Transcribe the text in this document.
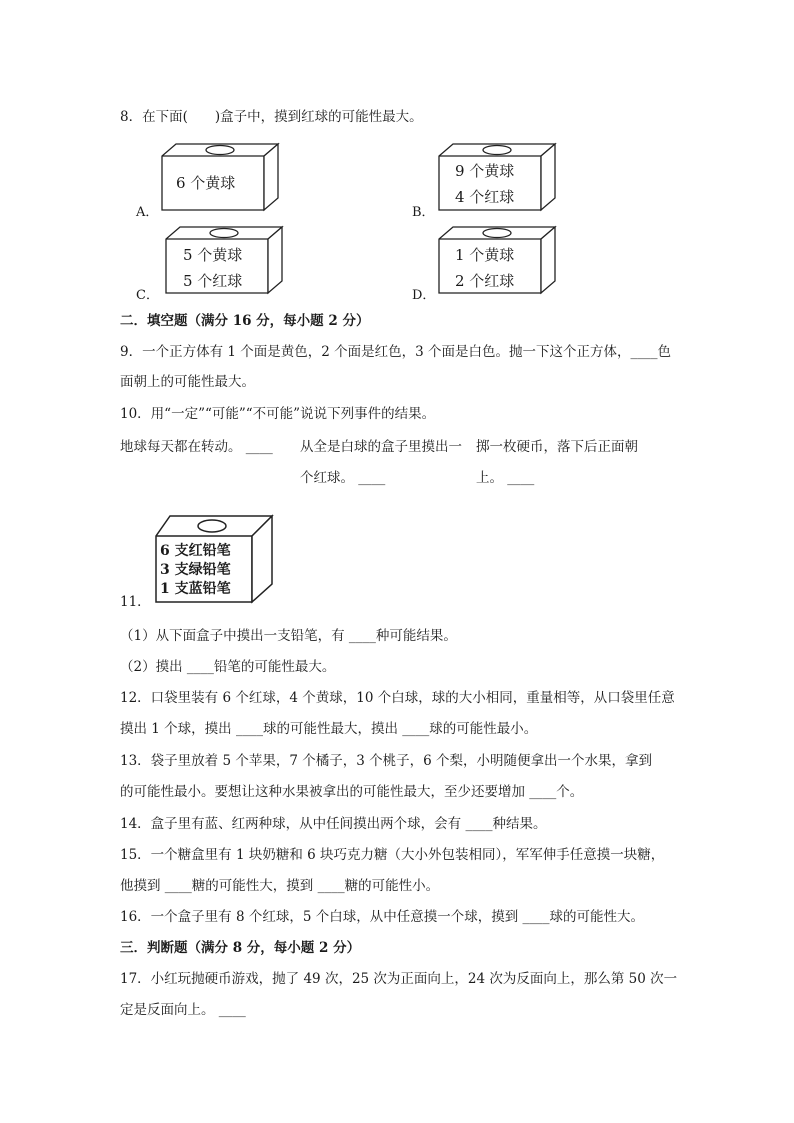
8．在下面(　　)盒子中，摸到红球的可能性最大。
A．
6 个黄球
B．
9 个黄球
4 个红球
C．
5 个黄球
5 个红球
D．
1 个黄球
2 个红球
二．填空题（满分 16 分，每小题 2 分）
9．一个正方体有 1 个面是黄色，2 个面是红色，3 个面是白色。抛一下这个正方体，____色
面朝上的可能性最大。
10．用“一定”“可能”“不可能”说说下列事件的结果。
地球每天都在转动。 ____ 从全是白球的盒子里摸出一
个红球。 ____
掷一枚硬币，落下后正面朝
上。 ____
11．
6 支红铅笔
3 支绿铅笔
1 支蓝铅笔
（1）从下面盒子中摸出一支铅笔，有 ____种可能结果。
（2）摸出 ____铅笔的可能性最大。
12．口袋里装有 6 个红球，4 个黄球，10 个白球，球的大小相同，重量相等，从口袋里任意
摸出 1 个球，摸出 ____球的可能性最大，摸出 ____球的可能性最小。
13．袋子里放着 5 个苹果，7 个橘子，3 个桃子，6 个梨，小明随便拿出一个水果，拿到
的可能性最小。要想让这种水果被拿出的可能性最大，至少还要增加 ____个。
14．盒子里有蓝、红两种球，从中任间摸出两个球，会有 ____种结果。
15．一个糖盒里有 1 块奶糖和 6 块巧克力糖（大小外包装相同），军军伸手任意摸一块糖，
他摸到 ____糖的可能性大，摸到 ____糖的可能性小。
16．一个盒子里有 8 个红球，5 个白球，从中任意摸一个球，摸到 ____球的可能性大。
三．判断题（满分 8 分，每小题 2 分）
17．小红玩抛硬币游戏，抛了 49 次，25 次为正面向上，24 次为反面向上，那么第 50 次一
定是反面向上。 ____
